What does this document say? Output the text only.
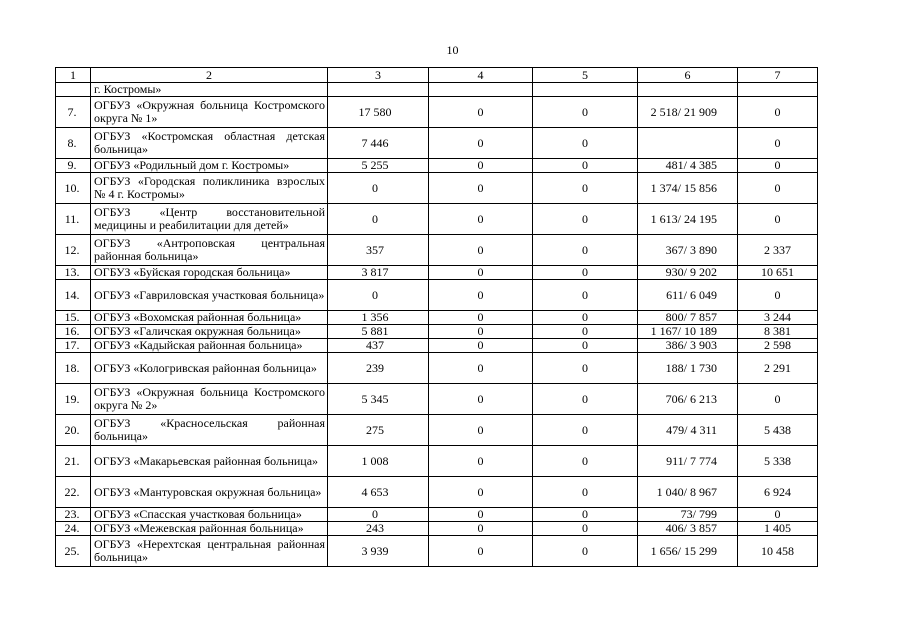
10
1	2	3	4	5	6	7
	г. Костромы»					
7.	ОГБУЗ «Окружная больница Костромского округа № 1»	17 580	0	0	2 518/ 21 909	0
8.	ОГБУЗ «Костромская областная детская больница»	7 446	0	0		0
9.	ОГБУЗ «Родильный дом г. Костромы»	5 255	0	0	481/ 4 385	0
10.	ОГБУЗ «Городская поликлиника взрослых № 4 г. Костромы»	0	0	0	1 374/ 15 856	0
11.	ОГБУЗ «Центр восстановительной медицины и реабилитации для детей»	0	0	0	1 613/ 24 195	0
12.	ОГБУЗ «Антроповская центральная районная больница»	357	0	0	367/ 3 890	2 337
13.	ОГБУЗ «Буйская городская больница»	3 817	0	0	930/ 9 202	10 651
14.	ОГБУЗ «Гавриловская участковая больница»	0	0	0	611/ 6 049	0
15.	ОГБУЗ «Вохомская районная больница»	1 356	0	0	800/ 7 857	3 244
16.	ОГБУЗ «Галичская окружная больница»	5 881	0	0	1 167/ 10 189	8 381
17.	ОГБУЗ «Кадыйская районная больница»	437	0	0	386/ 3 903	2 598
18.	ОГБУЗ «Кологривская районная больница»	239	0	0	188/ 1 730	2 291
19.	ОГБУЗ «Окружная больница Костромского округа № 2»	5 345	0	0	706/ 6 213	0
20.	ОГБУЗ «Красносельская районная больница»	275	0	0	479/ 4 311	5 438
21.	ОГБУЗ «Макарьевская районная больница»	1 008	0	0	911/ 7 774	5 338
22.	ОГБУЗ «Мантуровская окружная больница»	4 653	0	0	1 040/ 8 967	6 924
23.	ОГБУЗ «Спасская участковая больница»	0	0	0	73/ 799	0
24.	ОГБУЗ «Межевская районная больница»	243	0	0	406/ 3 857	1 405
25.	ОГБУЗ «Нерехтская центральная районная больница»	3 939	0	0	1 656/ 15 299	10 458
